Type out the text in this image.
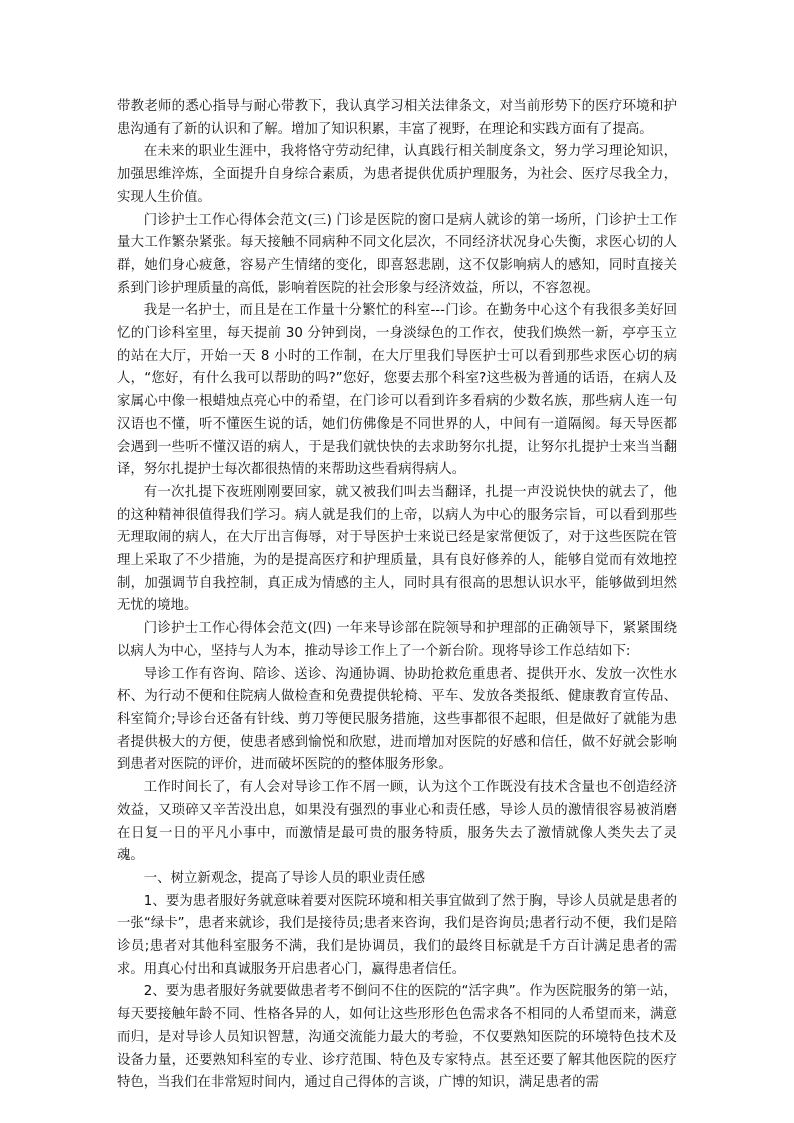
带教老师的悉心指导与耐心带教下，我认真学习相关法律条文，对当前形势下的医疗环境和护患沟通有了新的认识和了解。增加了知识积累，丰富了视野，在理论和实践方面有了提高。

在未来的职业生涯中，我将恪守劳动纪律，认真践行相关制度条文，努力学习理论知识，加强思维淬炼，全面提升自身综合素质，为患者提供优质护理服务，为社会、医疗尽我全力，实现人生价值。

门诊护士工作心得体会范文(三) 门诊是医院的窗口是病人就诊的第一场所，门诊护士工作量大工作繁杂紧张。每天接触不同病种不同文化层次，不同经济状况身心失衡，求医心切的人群，她们身心疲惫，容易产生情绪的变化，即喜怒悲剧，这不仅影响病人的感知，同时直接关系到门诊护理质量的高低，影响着医院的社会形象与经济效益，所以，不容忽视。

我是一名护士，而且是在工作量十分繁忙的科室---门诊。在勤务中心这个有我很多美好回忆的门诊科室里，每天提前 30 分钟到岗，一身淡绿色的工作衣，使我们焕然一新，亭亭玉立的站在大厅，开始一天 8 小时的工作制，在大厅里我们导医护士可以看到那些求医心切的病人，“您好，有什么我可以帮助的吗?”您好，您要去那个科室?这些极为普通的话语，在病人及家属心中像一根蜡烛点亮心中的希望，在门诊可以看到许多看病的少数名族，那些病人连一句汉语也不懂，听不懂医生说的话，她们仿佛像是不同世界的人，中间有一道隔阂。每天导医都会遇到一些听不懂汉语的病人，于是我们就快快的去求助努尔扎提，让努尔扎提护士来当当翻译，努尔扎提护士每次都很热情的来帮助这些看病得病人。

有一次扎提下夜班刚刚要回家，就又被我们叫去当翻译，扎提一声没说快快的就去了，他的这种精神很值得我们学习。病人就是我们的上帝，以病人为中心的服务宗旨，可以看到那些无理取闹的病人，在大厅出言侮辱，对于导医护士来说已经是家常便饭了，对于这些医院在管理上采取了不少措施，为的是提高医疗和护理质量，具有良好修养的人，能够自觉而有效地控制，加强调节自我控制，真正成为情感的主人，同时具有很高的思想认识水平，能够做到坦然无忧的境地。

门诊护士工作心得体会范文(四) 一年来导诊部在院领导和护理部的正确领导下，紧紧围绕以病人为中心，坚持与人为本，推动导诊工作上了一个新台阶。现将导诊工作总结如下:

导诊工作有咨询、陪诊、送诊、沟通协调、协助抢救危重患者、提供开水、发放一次性水杯、为行动不便和住院病人做检查和免费提供轮椅、平车、发放各类报纸、健康教育宣传品、科室简介;导诊台还备有针线、剪刀等便民服务措施，这些事都很不起眼，但是做好了就能为患者提供极大的方便，使患者感到愉悦和欣慰，进而增加对医院的好感和信任，做不好就会影响到患者对医院的评价，进而破坏医院的的整体服务形象。

工作时间长了，有人会对导诊工作不屑一顾，认为这个工作既没有技术含量也不创造经济效益，又琐碎又辛苦没出息，如果没有强烈的事业心和责任感，导诊人员的激情很容易被消磨在日复一日的平凡小事中，而激情是最可贵的服务特质，服务失去了激情就像人类失去了灵魂。

一、树立新观念，提高了导诊人员的职业责任感

1、要为患者服好务就意味着要对医院环境和相关事宜做到了然于胸，导诊人员就是患者的一张“绿卡”，患者来就诊，我们是接待员;患者来咨询，我们是咨询员;患者行动不便，我们是陪诊员;患者对其他科室服务不满，我们是协调员，我们的最终目标就是千方百计满足患者的需求。用真心付出和真诚服务开启患者心门，赢得患者信任。

2、要为患者服好务就要做患者考不倒问不住的医院的“活字典”。作为医院服务的第一站，每天要接触年龄不同、性格各异的人，如何让这些形形色色需求各不相同的人希望而来，满意而归，是对导诊人员知识智慧，沟通交流能力最大的考验，不仅要熟知医院的环境特色技术及设备力量，还要熟知科室的专业、诊疗范围、特色及专家特点。甚至还要了解其他医院的医疗特色，当我们在非常短时间内，通过自己得体的言谈，广博的知识，满足患者的需
